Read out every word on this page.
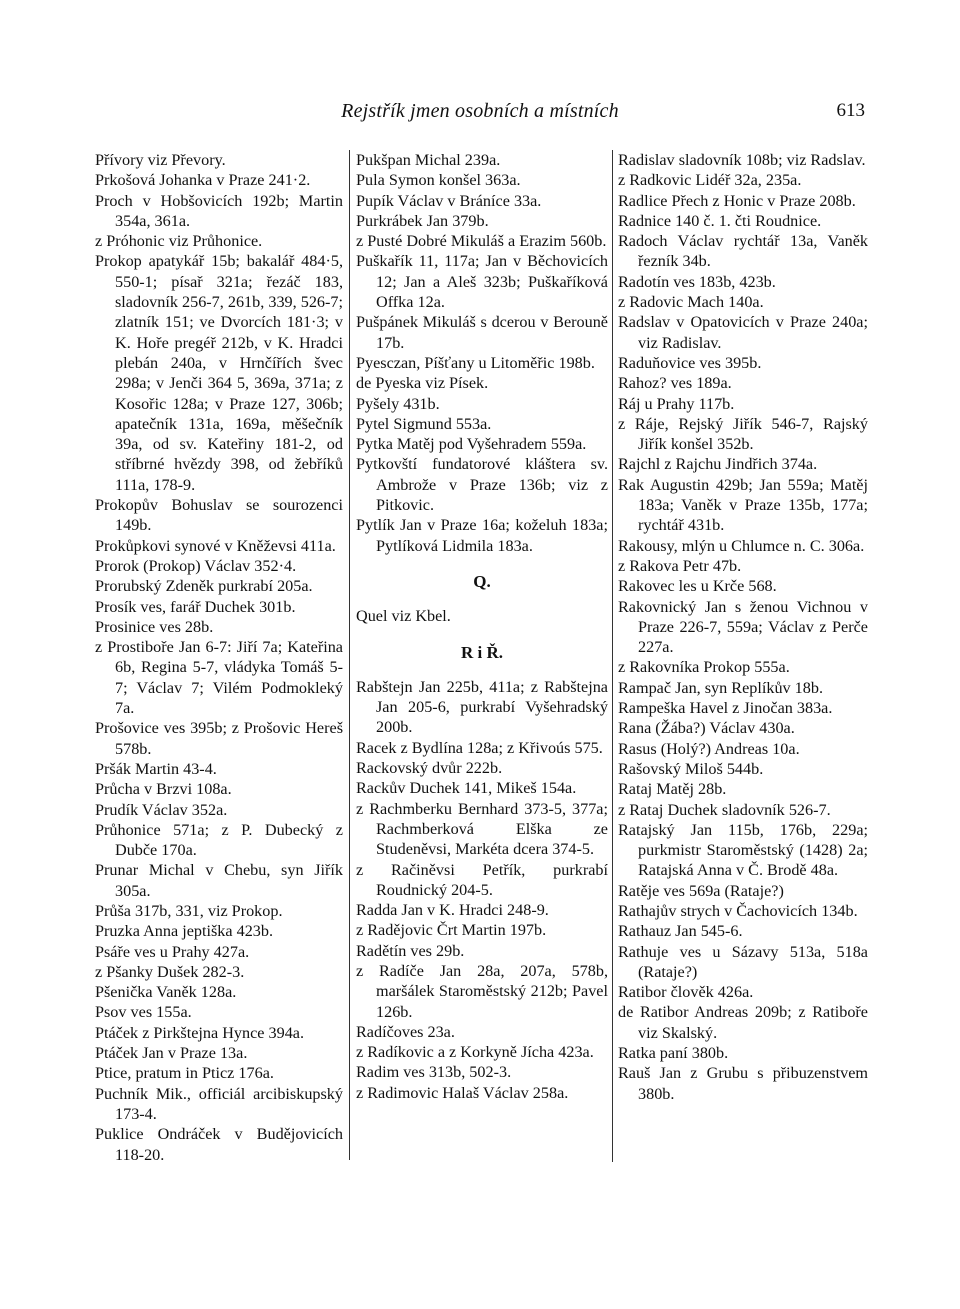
Rejstřík jmen osobních a místních	613

Přívory viz Převory.

Prkošová Johanka v Praze 241·2.

Proch v Hobšovicích 192b; Martin 354a, 361a.

z Próhonic viz Průhonice.

Prokop apatykář 15b; bakalář 484·5, 550-1; písař 321a; řezáč 183, sladovník 256-7, 261b, 339, 526-7; zlatník 151; ve Dvorcích 181·3; v K. Hoře pregéř 212b, v K. Hradci plebán 240a, v Hrnčířích švec 298a; v Jenči 364 5, 369a, 371a; z Kosořic 128a; v Praze 127, 306b; apatečník 131a, 169a, měšečník 39a, od sv. Kateřiny 181-2, od stříbrné hvězdy 398, od žebříků 111a, 178-9.

Prokopův Bohuslav se sourozenci 149b.

Prokůpkovi synové v Kněževsi 411a.

Prorok (Prokop) Václav 352·4.

Prorubský Zdeněk purkrabí 205a.

Prosík ves, farář Duchek 301b.

Prosinice ves 28b.

z Prostiboře Jan 6-7: Jiří 7a; Kateřina 6b, Regina 5-7, vládyka Tomáš 5-7; Václav 7; Vilém Podmokleký 7a.

Prošovice ves 395b; z Prošovic Hereš 578b.

Pršák Martin 43-4.

Průcha v Brzvi 108a.

Prudík Václav 352a.

Průhonice 571a; z P. Dubecký z Dubče 170a.

Prunar Michal v Chebu, syn Jiřík 305a.

Průša 317b, 331, viz Prokop.

Pruzka Anna jeptiška 423b.

Psáře ves u Prahy 427a.

z Pšanky Dušek 282-3.

Pšenička Vaněk 128a.

Psov ves 155a.

Ptáček z Pirkštejna Hynce 394a.

Ptáček Jan v Praze 13a.

Ptice, pratum in Pticz 176a.

Puchník Mik., officiál arcibiskupský 173-4.

Puklice Ondráček v Budějovicích 118-20.

Pukšpan Michal 239a.

Pula Symon konšel 363a.

Pupík Václav v Bráníce 33a.

Purkrábek Jan 379b.

z Pusté Dobré Mikuláš a Erazim 560b.

Puškařík 11, 117a; Jan v Běchovicích 12; Jan a Aleš 323b; Puškaříková Offka 12a.

Pušpánek Mikuláš s dcerou v Berouně 17b.

Pyesczan, Píšťany u Litoměřic 198b.

de Pyeska viz Písek.

Pyšely 431b.

Pytel Sigmund 553a.

Pytka Matěj pod Vyšehradem 559a.

Pytkovští fundatorové kláštera sv. Ambrože v Praze 136b; viz z Pitkovic.

Pytlík Jan v Praze 16a; koželuh 183a; Pytlíková Lidmila 183a.

Q.

Quel viz Kbel.

R i Ř.

Rabštejn Jan 225b, 411a; z Rabštejna Jan 205-6, purkrabí Vyšehradský 200b.

Racek z Bydlína 128a; z Křivoús 575.

Rackovský dvůr 222b.

Rackův Duchek 141, Mikeš 154a.

z Rachmberku Bernhard 373-5, 377a; Rachmberková Elška ze Studeněvsi, Markéta dcera 374-5.

z Račiněvsi Petřík, purkrabí Roudnický 204-5.

Radda Jan v K. Hradci 248-9.

z Radějovic Črt Martin 197b.

Radětín ves 29b.

z Radíče Jan 28a, 207a, 578b, maršálek Staroměstský 212b; Pavel 126b.

Radíčoves 23a.

z Radíkovic a z Korkyně Jícha 423a.

Radim ves 313b, 502-3.

z Radimovic Halaš Václav 258a.

Radislav sladovník 108b; viz Radslav.

z Radkovic Lidéř 32a, 235a.

Radlice Přech z Honic v Praze 208b.

Radnice 140 č. 1. čti Roudnice.

Radoch Václav rychtář 13a, Vaněk řezník 34b.

Radotín ves 183b, 423b.

z Radovic Mach 140a.

Radslav v Opatovicích v Praze 240a; viz Radislav.

Raduňovice ves 395b.

Rahoz? ves 189a.

Ráj u Prahy 117b.

z Ráje, Rejský Jiřík 546-7, Rajský Jiřík konšel 352b.

Rajchl z Rajchu Jindřich 374a.

Rak Augustin 429b; Jan 559a; Matěj 183a; Vaněk v Praze 135b, 177a; rychtář 431b.

Rakousy, mlýn u Chlumce n. C. 306a.

z Rakova Petr 47b.

Rakovec les u Krče 568.

Rakovnický Jan s ženou Vichnou v Praze 226-7, 559a; Václav z Perče 227a.

z Rakovníka Prokop 555a.

Rampač Jan, syn Replíkův 18b.

Rampeška Havel z Jinočan 383a.

Rana (Žába?) Václav 430a.

Rasus (Holý?) Andreas 10a.

Rašovský Miloš 544b.

Rataj Matěj 28b.

z Rataj Duchek sladovník 526-7.

Ratajský Jan 115b, 176b, 229a; purkmistr Staroměstský (1428) 2a; Ratajská Anna v Č. Brodě 48a.

Ratěje ves 569a (Rataje?)

Rathajův strych v Čachovicích 134b.

Rathauz Jan 545-6.

Rathuje ves u Sázavy 513a, 518a (Rataje?)

Ratibor člověk 426a.

de Ratibor Andreas 209b; z Ratiboře viz Skalský.

Ratka paní 380b.

Rauš Jan z Grubu s přibuzenstvem 380b.
